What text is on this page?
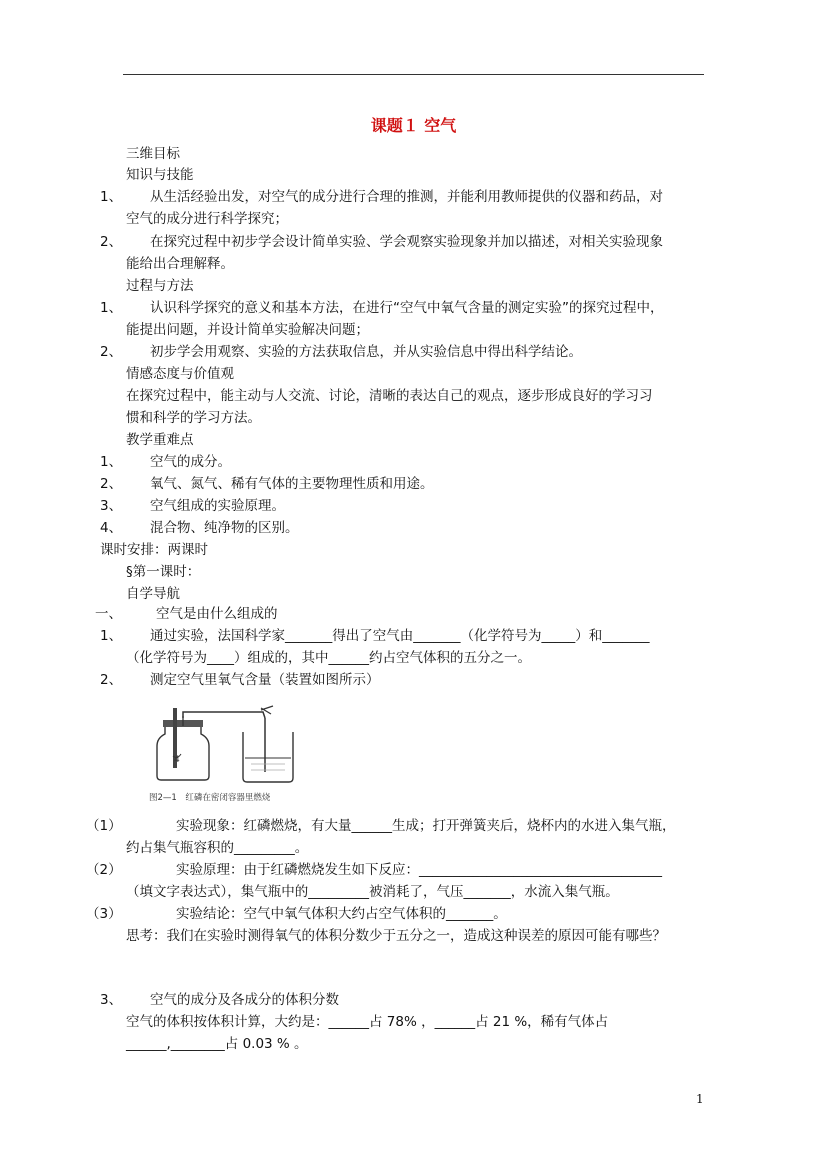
课题１ 空气
三维目标
知识与技能
1、 从生活经验出发，对空气的成分进行合理的推测，并能利用教师提供的仪器和药品，对
空气的成分进行科学探究；
2、 在探究过程中初步学会设计简单实验、学会观察实验现象并加以描述，对相关实验现象
能给出合理解释。
过程与方法
1、 认识科学探究的意义和基本方法，在进行“空气中氧气含量的测定实验”的探究过程中，
能提出问题，并设计简单实验解决问题；
2、 初步学会用观察、实验的方法获取信息，并从实验信息中得出科学结论。
情感态度与价值观
在探究过程中，能主动与人交流、讨论，清晰的表达自己的观点，逐步形成良好的学习习
惯和科学的学习方法。
教学重难点
1、 空气的成分。
2、 氧气、氮气、稀有气体的主要物理性质和用途。
3、 空气组成的实验原理。
4、 混合物、纯净物的区别。
课时安排：两课时
§第一课时：
自学导航
一、	空气是由什么组成的
1、 通过实验，法国科学家_______得出了空气由_______（化学符号为_____）和_______
（化学符号为____）组成的，其中______约占空气体积的五分之一。
2、 测定空气里氧气含量（装置如图所示）
4
图2—1　红磷在密闭容器里燃烧
（1）	实验现象：红磷燃烧，有大量______生成；打开弹簧夹后，烧杯内的水进入集气瓶，
约占集气瓶容积的_________。
（2）	实验原理：由于红磷燃烧发生如下反应：____________________________________
（填文字表达式），集气瓶中的_________被消耗了，气压_______，水流入集气瓶。
（3）	实验结论：空气中氧气体积大约占空气体积的_______。
思考：我们在实验时测得氧气的体积分数少于五分之一，造成这种误差的原因可能有哪些？
3、 空气的成分及各成分的体积分数
空气的体积按体积计算，大约是：______占 78% ，______占 21 %，稀有气体占
______,________占 0.03 % 。
1
